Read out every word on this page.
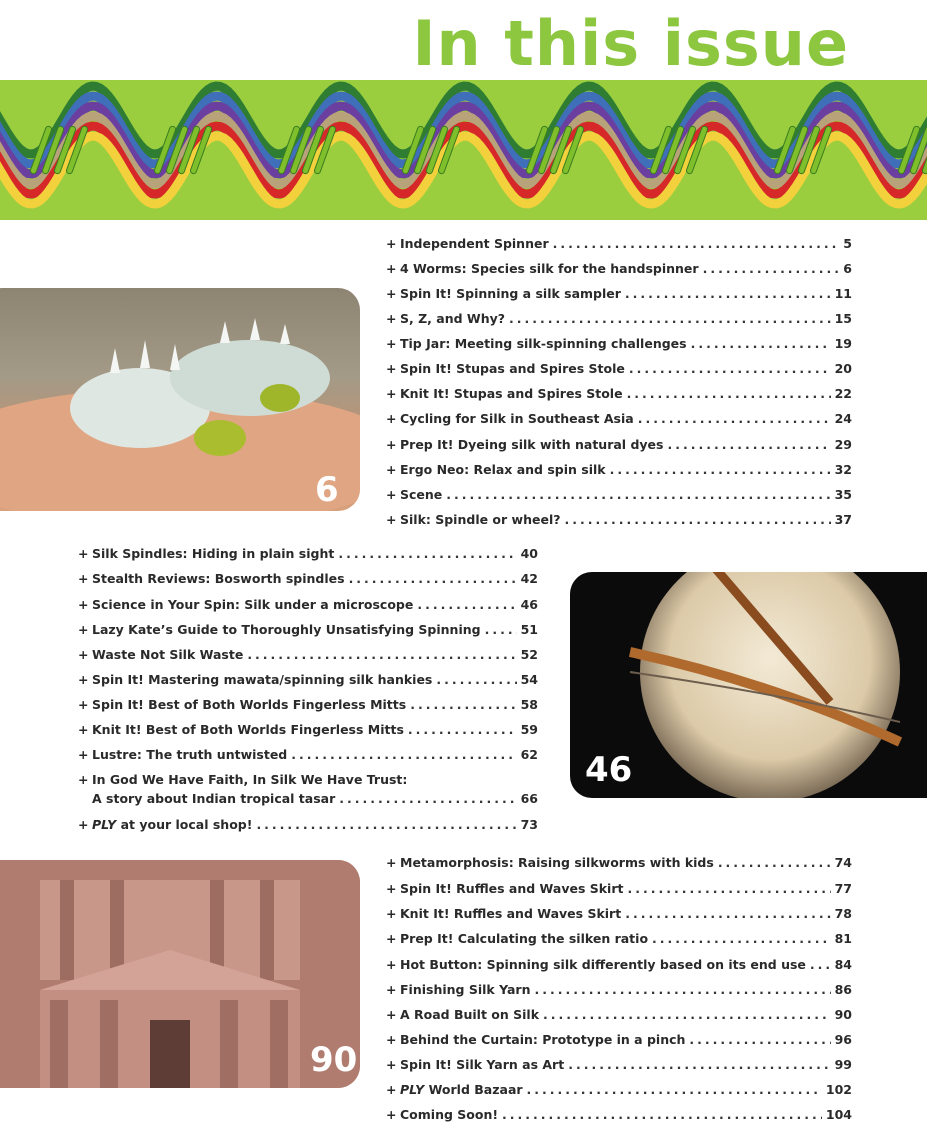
In this issue
6
46
90
+ Independent Spinner .....	5
+ 4 Worms: Species silk for the handspinner .....	6
+ Spin It! Spinning a silk sampler .....	11
+ S, Z, and Why? .....	15
+ Tip Jar: Meeting silk-spinning challenges .....	19
+ Spin It! Stupas and Spires Stole .....	20
+ Knit It! Stupas and Spires Stole .....	22
+ Cycling for Silk in Southeast Asia .....	24
+ Prep It! Dyeing silk with natural dyes .....	29
+ Ergo Neo: Relax and spin silk .....	32
+ Scene .....	35
+ Silk: Spindle or wheel? .....	37
+ Silk Spindles: Hiding in plain sight .....	40
+ Stealth Reviews: Bosworth spindles .....	42
+ Science in Your Spin: Silk under a microscope .....	46
+ Lazy Kate’s Guide to Thoroughly Unsatisfying Spinning .....	51
+ Waste Not Silk Waste .....	52
+ Spin It! Mastering mawata/spinning silk hankies .....	54
+ Spin It! Best of Both Worlds Fingerless Mitts .....	58
+ Knit It! Best of Both Worlds Fingerless Mitts .....	59
+ Lustre: The truth untwisted .....	62
+ In God We Have Faith, In Silk We Have Trust:
A story about Indian tropical tasar .....	66
+ PLY at your local shop! .....	73
+ Metamorphosis: Raising silkworms with kids .....	74
+ Spin It! Ruffles and Waves Skirt .....	77
+ Knit It! Ruffles and Waves Skirt .....	78
+ Prep It! Calculating the silken ratio .....	81
+ Hot Button: Spinning silk differently based on its end use ..... 84
+ Finishing Silk Yarn .....	86
+ A Road Built on Silk .....	90
+ Behind the Curtain: Prototype in a pinch .....	96
+ Spin It! Silk Yarn as Art .....	99
+ PLY World Bazaar .....	102
+ Coming Soon! .....	104
